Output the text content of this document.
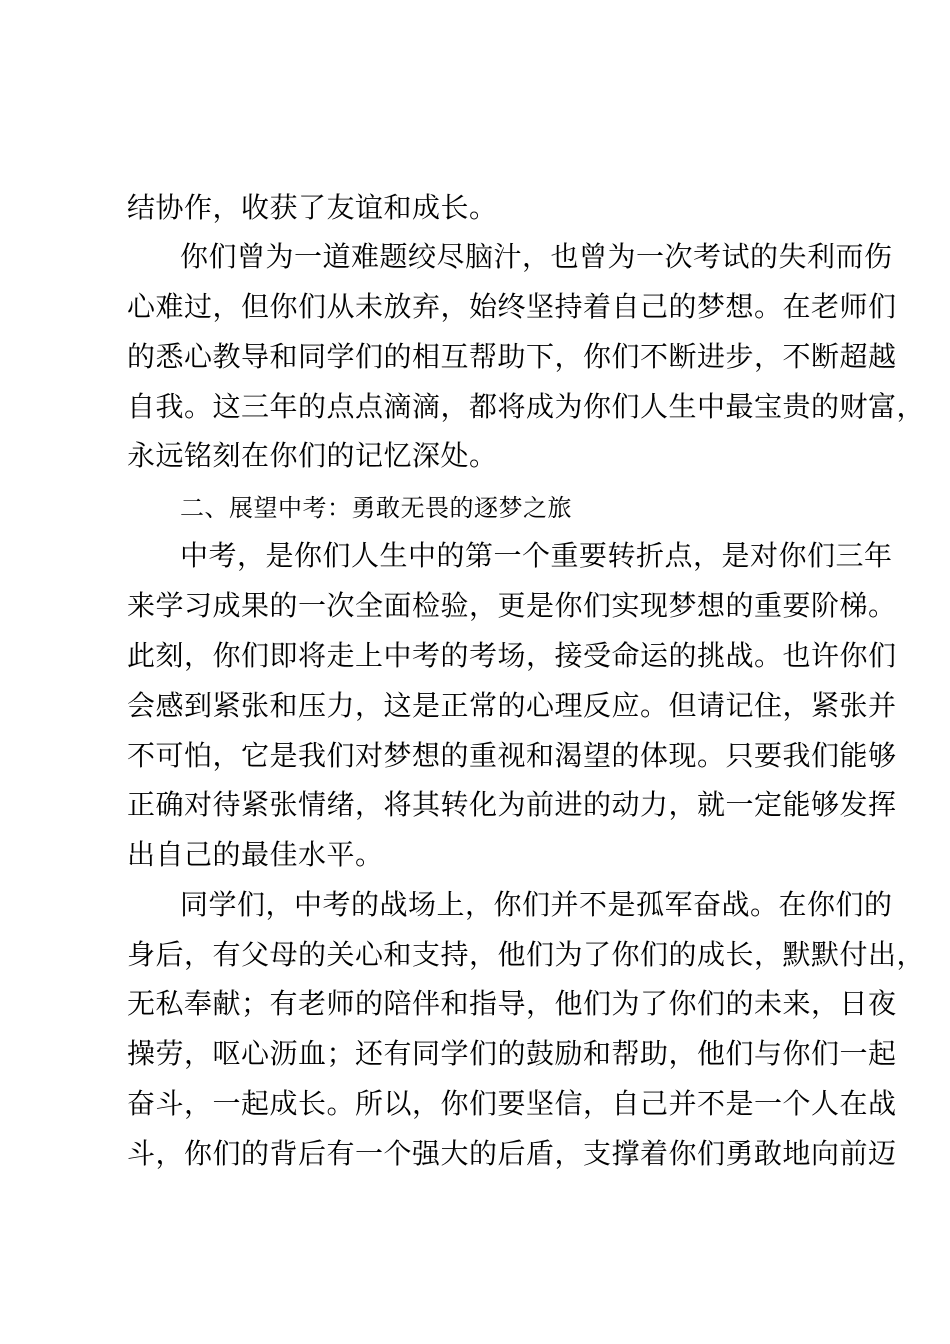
结协作，收获了友谊和成长。
你们曾为一道难题绞尽脑汁，也曾为一次考试的失利而伤
心难过，但你们从未放弃，始终坚持着自己的梦想。在老师们
的悉心教导和同学们的相互帮助下，你们不断进步，不断超越
自我。这三年的点点滴滴，都将成为你们人生中最宝贵的财富，
永远铭刻在你们的记忆深处。
二、展望中考：勇敢无畏的逐梦之旅
中考，是你们人生中的第一个重要转折点，是对你们三年
来学习成果的一次全面检验，更是你们实现梦想的重要阶梯。
此刻，你们即将走上中考的考场，接受命运的挑战。也许你们
会感到紧张和压力，这是正常的心理反应。但请记住，紧张并
不可怕，它是我们对梦想的重视和渴望的体现。只要我们能够
正确对待紧张情绪，将其转化为前进的动力，就一定能够发挥
出自己的最佳水平。
同学们，中考的战场上，你们并不是孤军奋战。在你们的
身后，有父母的关心和支持，他们为了你们的成长，默默付出，
无私奉献；有老师的陪伴和指导，他们为了你们的未来，日夜
操劳，呕心沥血；还有同学们的鼓励和帮助，他们与你们一起
奋斗，一起成长。所以，你们要坚信，自己并不是一个人在战
斗，你们的背后有一个强大的后盾，支撑着你们勇敢地向前迈
